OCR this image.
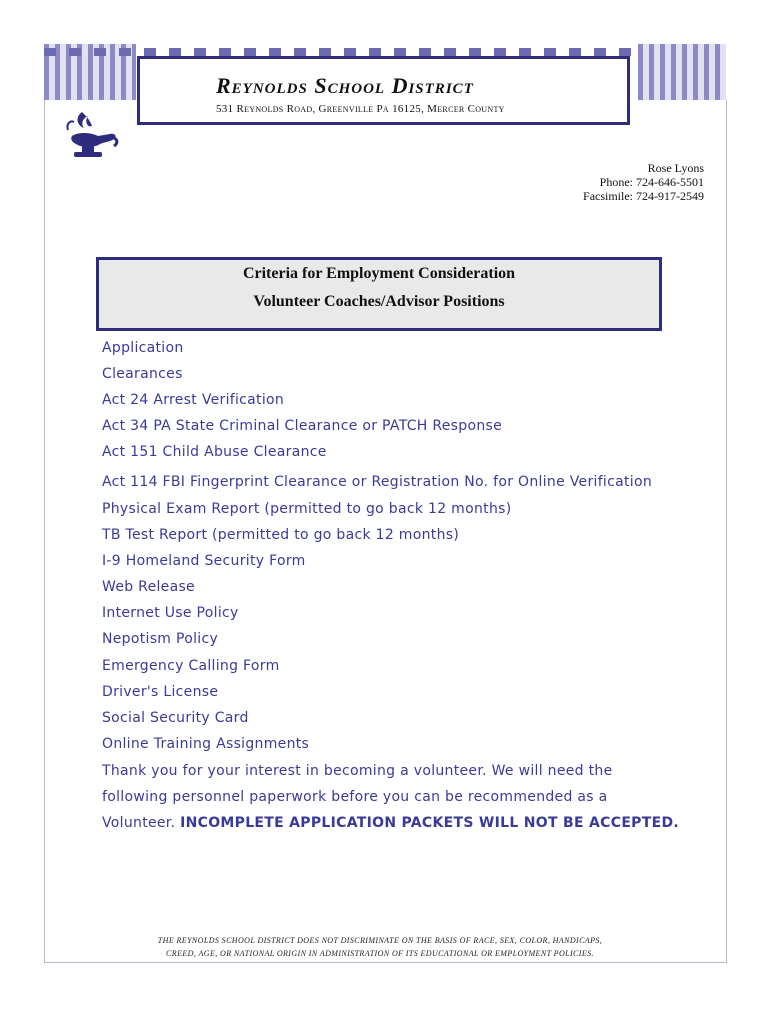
Reynolds School District
531 Reynolds Road, Greenville Pa 16125, Mercer County
Rose Lyons
Phone: 724-646-5501
Facsimile: 724-917-2549
Criteria for Employment Consideration
Volunteer Coaches/Advisor Positions
Application
Clearances
Act 24 Arrest Verification
Act 34 PA State Criminal Clearance or PATCH Response
Act 151 Child Abuse Clearance
Act 114 FBI Fingerprint Clearance or Registration No. for Online Verification
Physical Exam Report (permitted to go back 12 months)
TB Test Report (permitted to go back 12 months)
I-9 Homeland Security Form
Web Release
Internet Use Policy
Nepotism Policy
Emergency Calling Form
Driver's License
Social Security Card
Online Training Assignments
Thank you for your interest in becoming a volunteer. We will need the
following personnel paperwork before you can be recommended as a
Volunteer. INCOMPLETE APPLICATION PACKETS WILL NOT BE ACCEPTED.
THE REYNOLDS SCHOOL DISTRICT DOES NOT DISCRIMINATE ON THE BASIS OF RACE, SEX, COLOR, HANDICAPS,
CREED, AGE, OR NATIONAL ORIGIN IN ADMINISTRATION OF ITS EDUCATIONAL OR EMPLOYMENT POLICIES.
